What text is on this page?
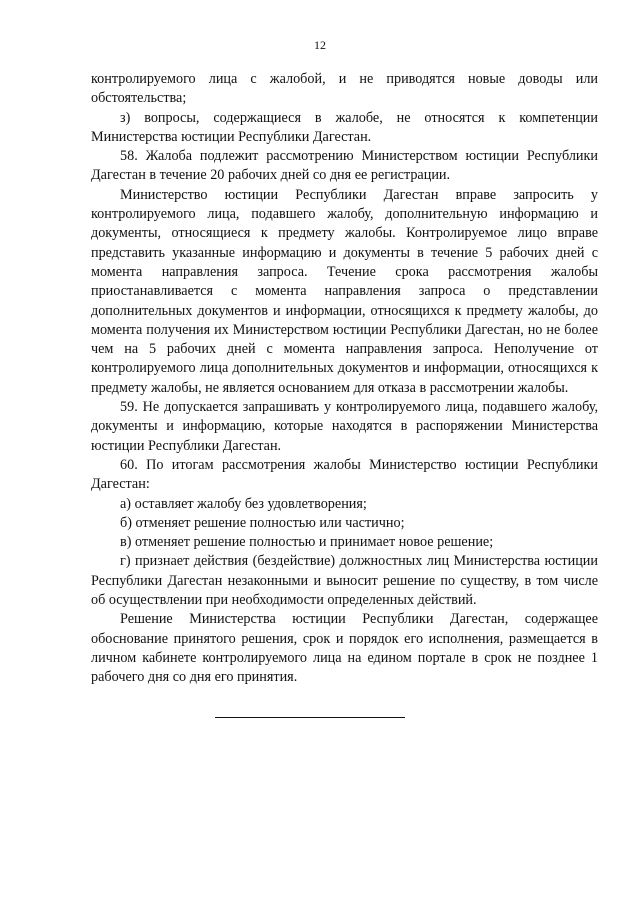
12

контролируемого лица с жалобой, и не приводятся новые доводы или обстоятельства;

з) вопросы, содержащиеся в жалобе, не относятся к компетенции Министерства юстиции Республики Дагестан.

58. Жалоба подлежит рассмотрению Министерством юстиции Республики Дагестан в течение 20 рабочих дней со дня ее регистрации.

Министерство юстиции Республики Дагестан вправе запросить у контролируемого лица, подавшего жалобу, дополнительную информацию и документы, относящиеся к предмету жалобы. Контролируемое лицо вправе представить указанные информацию и документы в течение 5 рабочих дней с момента направления запроса. Течение срока рассмотрения жалобы приостанавливается с момента направления запроса о представлении дополнительных документов и информации, относящихся к предмету жалобы, до момента получения их Министерством юстиции Республики Дагестан, но не более чем на 5 рабочих дней с момента направления запроса. Неполучение от контролируемого лица дополнительных документов и информации, относящихся к предмету жалобы, не является основанием для отказа в рассмотрении жалобы.

59. Не допускается запрашивать у контролируемого лица, подавшего жалобу, документы и информацию, которые находятся в распоряжении Министерства юстиции Республики Дагестан.

60. По итогам рассмотрения жалобы Министерство юстиции Республики Дагестан:

а) оставляет жалобу без удовлетворения;

б) отменяет решение полностью или частично;

в) отменяет решение полностью и принимает новое решение;

г) признает действия (бездействие) должностных лиц Министерства юстиции Республики Дагестан незаконными и выносит решение по существу, в том числе об осуществлении при необходимости определенных действий.

Решение Министерства юстиции Республики Дагестан, содержащее обоснование принятого решения, срок и порядок его исполнения, размещается в личном кабинете контролируемого лица на едином портале в срок не позднее 1 рабочего дня со дня его принятия.
